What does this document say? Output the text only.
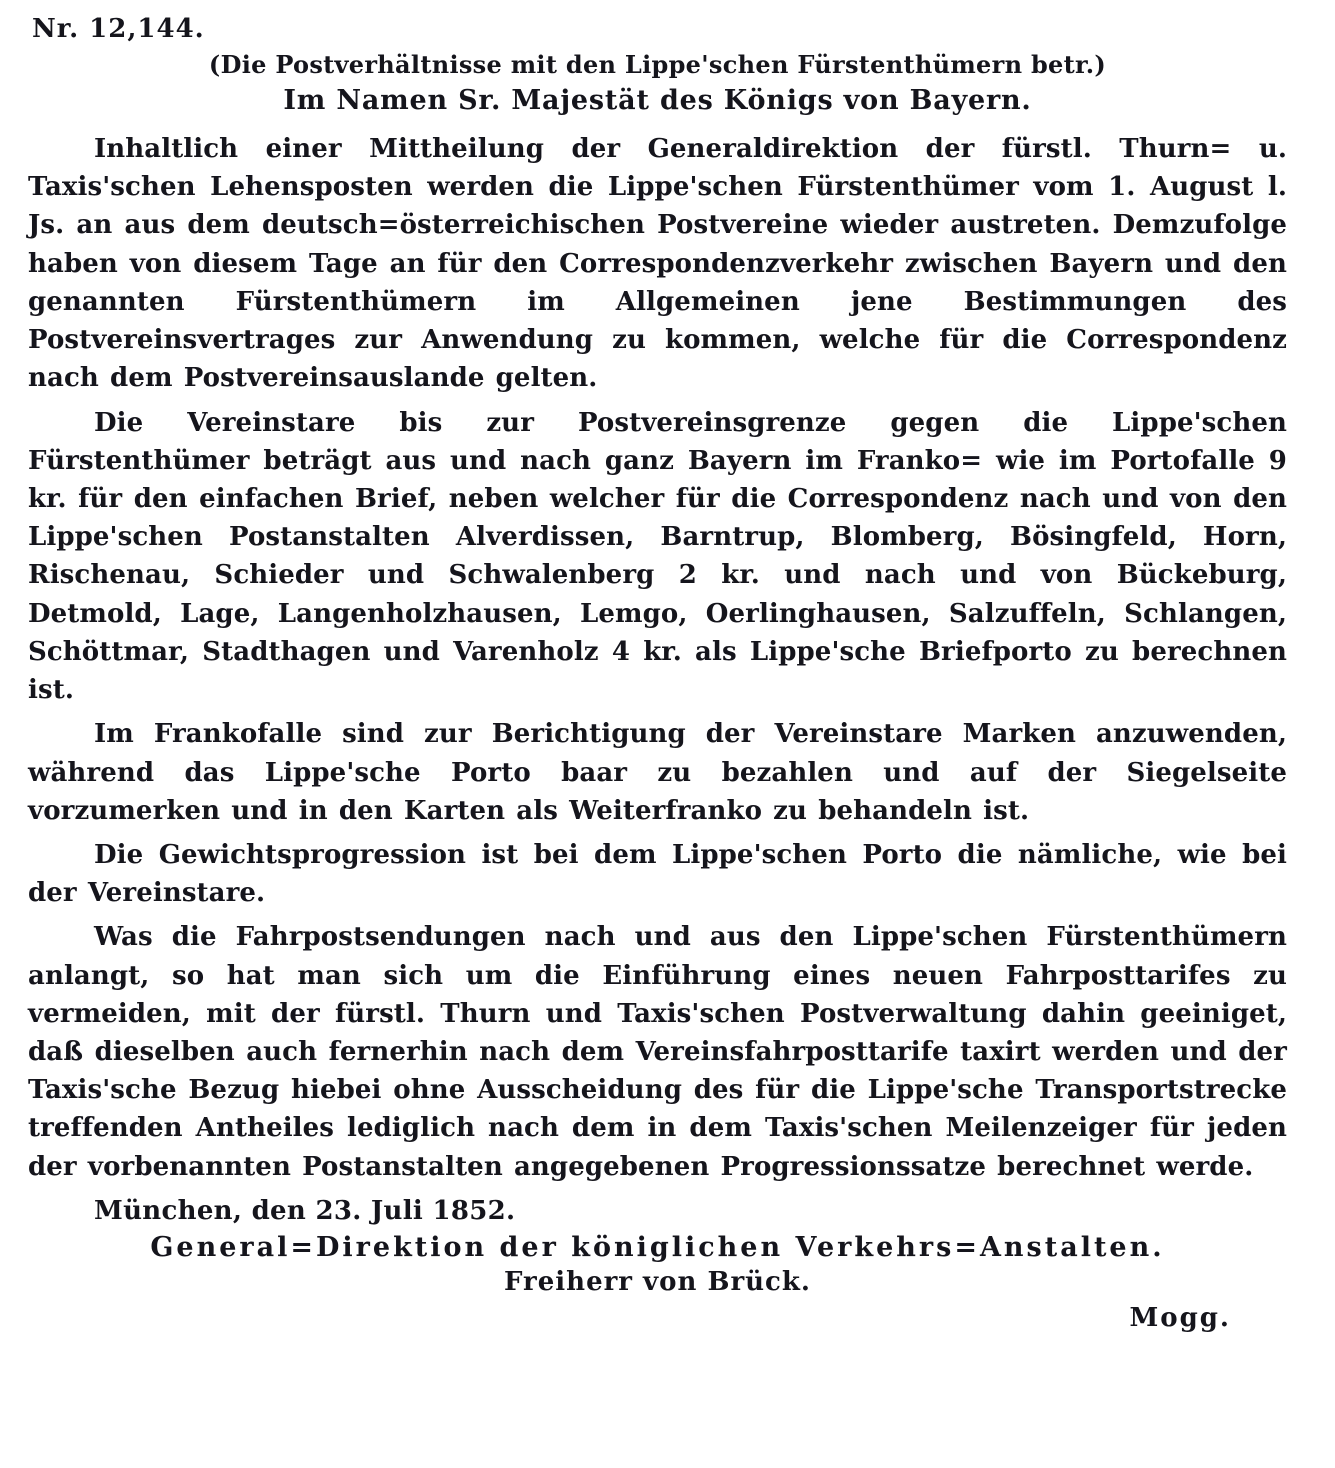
Nr. 12,144.
(Die Postverhältnisse mit den Lippe'schen Fürstenthümern betr.)
Im Namen Sr. Majestät des Königs von Bayern.

Inhaltlich einer Mittheilung der Generaldirektion der fürstl. Thurn= u. Taxis'schen Lehensposten werden die Lippe'schen Fürstenthümer vom 1. August l. Js. an aus dem deutsch=österreichischen Postvereine wieder austreten. Demzufolge haben von diesem Tage an für den Correspondenzverkehr zwischen Bayern und den genannten Fürstenthümern im Allgemeinen jene Bestimmungen des Postvereinsvertrages zur Anwendung zu kommen, welche für die Correspondenz nach dem Postvereinsauslande gelten.

Die Vereinstare bis zur Postvereinsgrenze gegen die Lippe'schen Fürstenthümer beträgt aus und nach ganz Bayern im Franko= wie im Portofalle 9 kr. für den einfachen Brief, neben welcher für die Correspondenz nach und von den Lippe'schen Postanstalten Alverdissen, Barntrup, Blomberg, Bösingfeld, Horn, Rischenau, Schieder und Schwalenberg 2 kr. und nach und von Bückeburg, Detmold, Lage, Langenholzhausen, Lemgo, Oerlinghausen, Salzuffeln, Schlangen, Schöttmar, Stadthagen und Varenholz 4 kr. als Lippe'sche Briefporto zu berechnen ist.

Im Frankofalle sind zur Berichtigung der Vereinstare Marken anzuwenden, während das Lippe'sche Porto baar zu bezahlen und auf der Siegelseite vorzumerken und in den Karten als Weiterfranko zu behandeln ist.

Die Gewichtsprogression ist bei dem Lippe'schen Porto die nämliche, wie bei der Vereinstare.

Was die Fahrpostsendungen nach und aus den Lippe'schen Fürstenthümern anlangt, so hat man sich um die Einführung eines neuen Fahrposttarifes zu vermeiden, mit der fürstl. Thurn und Taxis'schen Postverwaltung dahin geeiniget, daß dieselben auch fernerhin nach dem Vereinsfahrposttarife taxirt werden und der Taxis'sche Bezug hiebei ohne Ausscheidung des für die Lippe'sche Transportstrecke treffenden Antheiles lediglich nach dem in dem Taxis'schen Meilenzeiger für jeden der vorbenannten Postanstalten angegebenen Progressionssatze berechnet werde.

München, den 23. Juli 1852.
General=Direktion der königlichen Verkehrs=Anstalten.
Freiherr von Brück.
Mogg.
